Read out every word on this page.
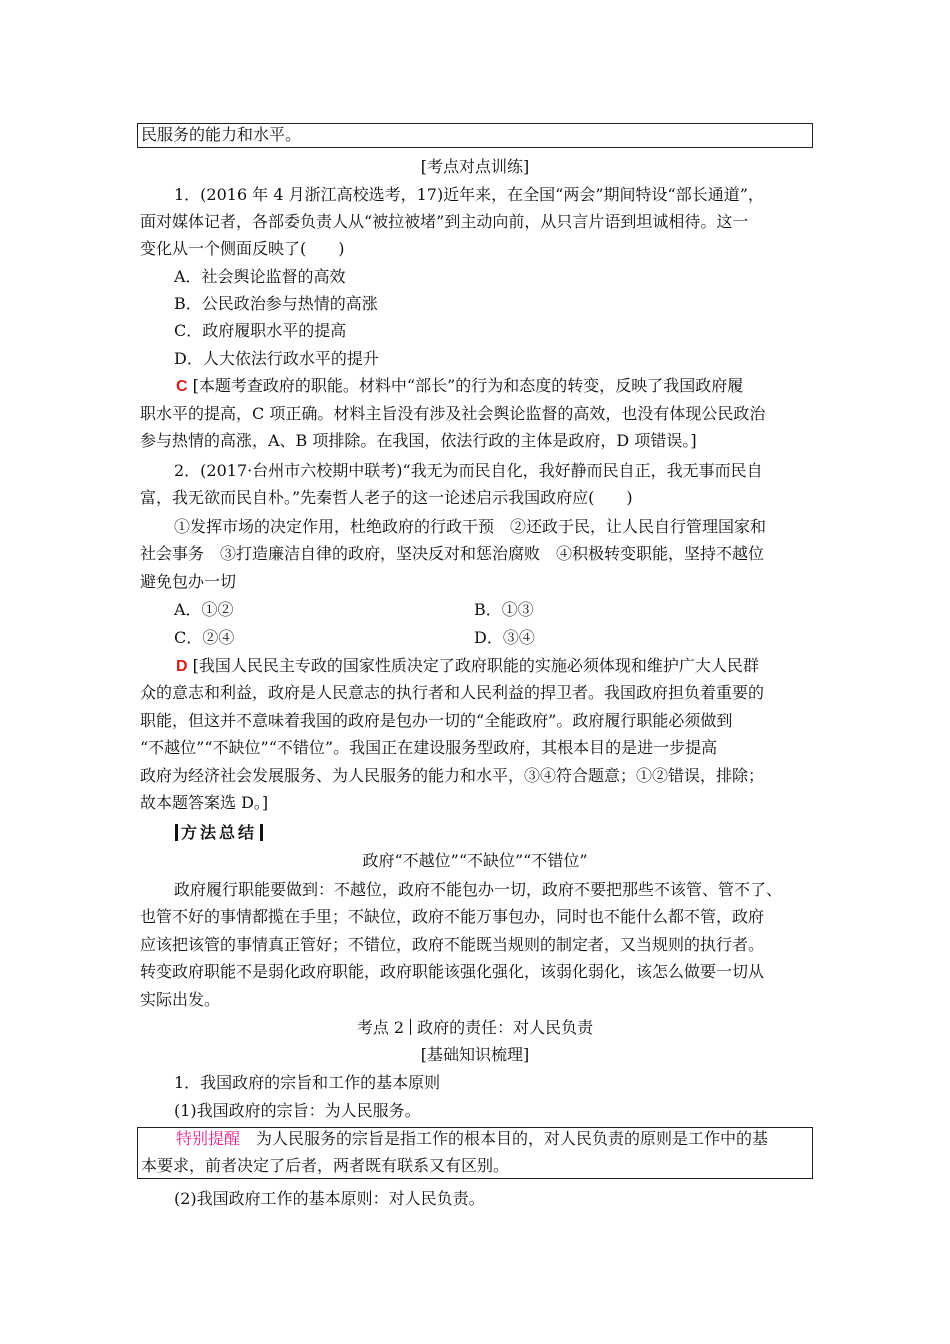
民服务的能力和水平。
[考点对点训练]
1．(2016 年 4 月浙江高校选考，17)近年来，在全国“两会”期间特设“部长通道”，
面对媒体记者，各部委负责人从“被拉被堵”到主动向前，从只言片语到坦诚相待。这一
变化从一个侧面反映了(　　)
A．社会舆论监督的高效
B．公民政治参与热情的高涨
C．政府履职水平的提高
D．人大依法行政水平的提升
C [本题考查政府的职能。材料中“部长”的行为和态度的转变，反映了我国政府履
职水平的提高，C 项正确。材料主旨没有涉及社会舆论监督的高效，也没有体现公民政治
参与热情的高涨，A、B 项排除。在我国，依法行政的主体是政府，D 项错误。]
2．(2017·台州市六校期中联考)“我无为而民自化，我好静而民自正，我无事而民自
富，我无欲而民自朴。”先秦哲人老子的这一论述启示我国政府应(　　)
①发挥市场的决定作用，杜绝政府的行政干预　②还政于民，让人民自行管理国家和
社会事务　③打造廉洁自律的政府，坚决反对和惩治腐败　④积极转变职能，坚持不越位
避免包办一切
A．①②	B．①③
C．②④	D．③④
D [我国人民民主专政的国家性质决定了政府职能的实施必须体现和维护广大人民群
众的意志和利益，政府是人民意志的执行者和人民利益的捍卫者。我国政府担负着重要的
职能，但这并不意味着我国的政府是包办一切的“全能政府”。政府履行职能必须做到
“不越位”“不缺位”“不错位”。我国正在建设服务型政府，其根本目的是进一步提高
政府为经济社会发展服务、为人民服务的能力和水平，③④符合题意；①②错误，排除；
故本题答案选 D。]
方法总结
政府“不越位”“不缺位”“不错位”
政府履行职能要做到：不越位，政府不能包办一切，政府不要把那些不该管、管不了、
也管不好的事情都揽在手里；不缺位，政府不能万事包办，同时也不能什么都不管，政府
应该把该管的事情真正管好；不错位，政府不能既当规则的制定者，又当规则的执行者。
转变政府职能不是弱化政府职能，政府职能该强化强化，该弱化弱化，该怎么做要一切从
实际出发。
考点 2 政府的责任：对人民负责
[基础知识梳理]
1．我国政府的宗旨和工作的基本原则
(1)我国政府的宗旨：为人民服务。
特别提醒　为人民服务的宗旨是指工作的根本目的，对人民负责的原则是工作中的基
本要求，前者决定了后者，两者既有联系又有区别。
(2)我国政府工作的基本原则：对人民负责。
